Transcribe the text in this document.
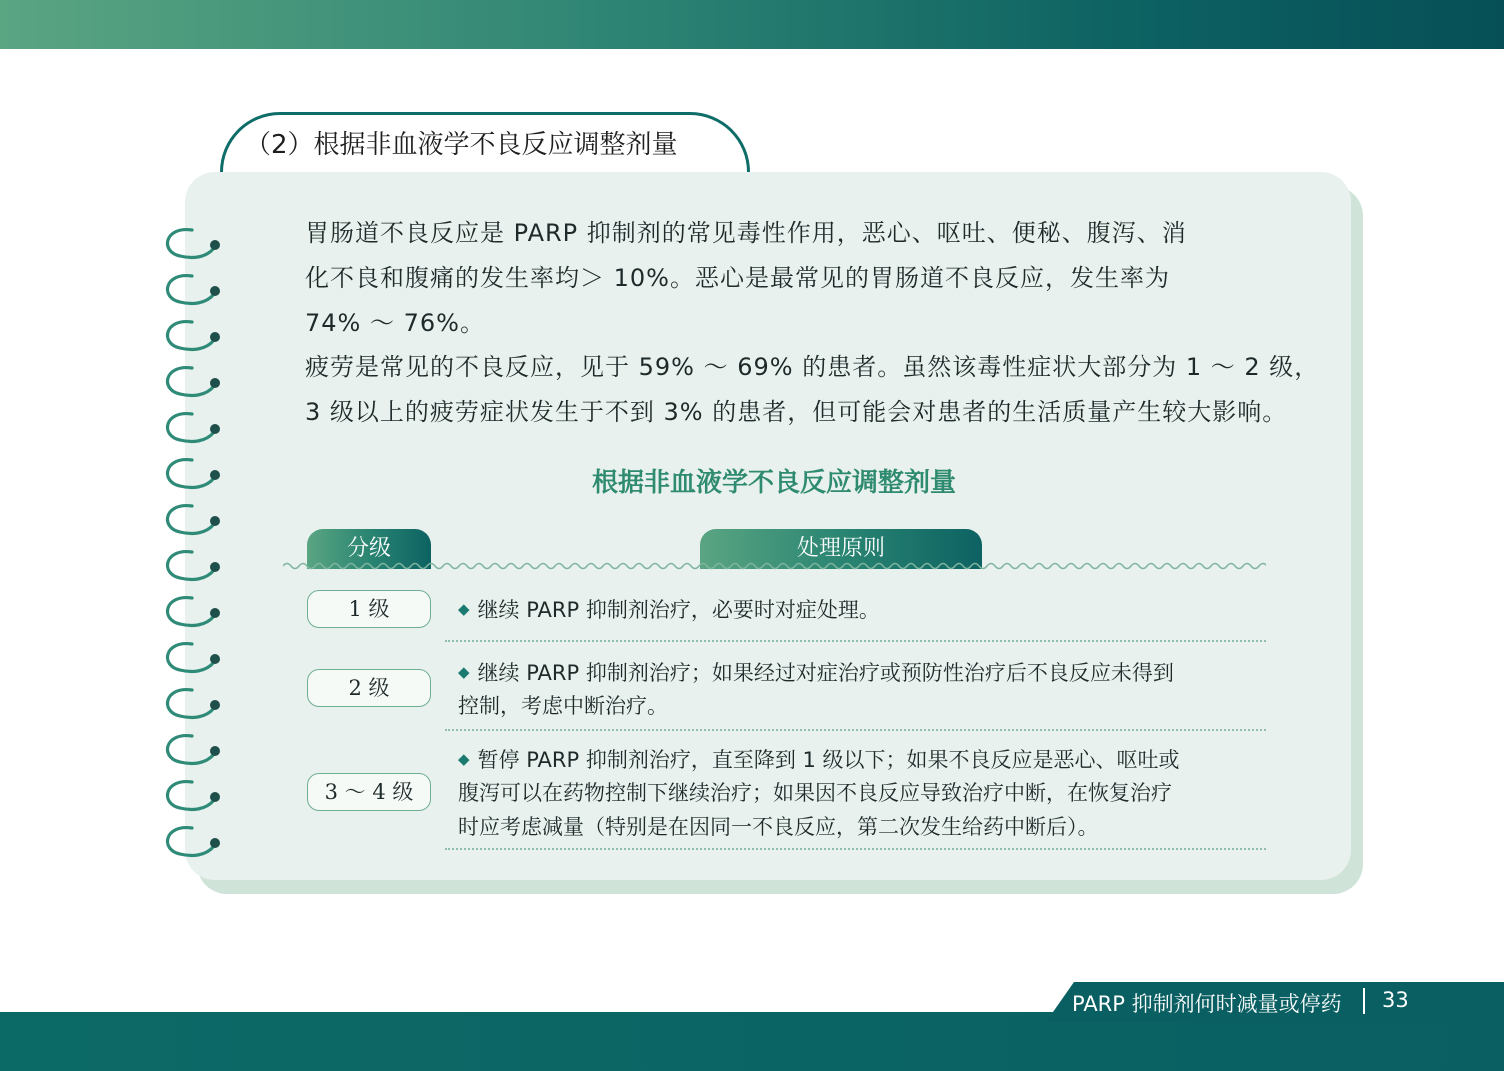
（2）根据非血液学不良反应调整剂量
胃肠道不良反应是 PARP 抑制剂的常见毒性作用，恶心、呕吐、便秘、腹泻、消
化不良和腹痛的发生率均＞ 10%。恶心是最常见的胃肠道不良反应，发生率为
74% ～ 76%。
疲劳是常见的不良反应，见于 59% ～ 69% 的患者。虽然该毒性症状大部分为 1 ～ 2 级，
3 级以上的疲劳症状发生于不到 3% 的患者，但可能会对患者的生活质量产生较大影响。
根据非血液学不良反应调整剂量
分级	处理原则
1 级	◆ 继续 PARP 抑制剂治疗，必要时对症处理。
2 级
◆ 继续 PARP 抑制剂治疗；如果经过对症治疗或预防性治疗后不良反应未得到
控制，考虑中断治疗。
3 ～ 4 级
◆ 暂停 PARP 抑制剂治疗，直至降到 1 级以下；如果不良反应是恶心、呕吐或
腹泻可以在药物控制下继续治疗；如果因不良反应导致治疗中断，在恢复治疗
时应考虑减量（特别是在因同一不良反应，第二次发生给药中断后）。
PARP 抑制剂何时减量或停药 33
